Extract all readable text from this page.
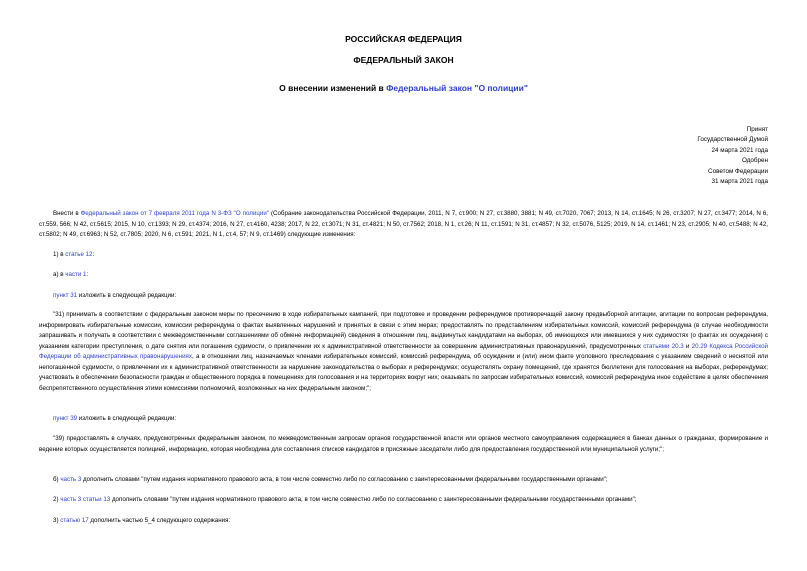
РОССИЙСКАЯ ФЕДЕРАЦИЯ
ФЕДЕРАЛЬНЫЙ ЗАКОН
О внесении изменений в Федеральный закон "О полиции"
Принят
Государственной Думой
24 марта 2021 года
Одобрен
Советом Федерации
31 марта 2021 года
Внести в Федеральный закон от 7 февраля 2011 года N 3-ФЗ "О полиции" (Собрание законодательства Российской Федерации, 2011, N 7, ст.900; N 27, ст.3880, 3881; N 49, ст.7020, 7067; 2013, N 14, ст.1645; N 26, ст.3207; N 27, ст.3477; 2014, N 6, ст.559, 566; N 42, ст.5615; 2015, N 10, ст.1393; N 29, ст.4374; 2016, N 27, ст.4160, 4238; 2017, N 22, ст.3071; N 31, ст.4821; N 50, ст.7562; 2018, N 1, ст.26; N 11, ст.1591; N 31, ст.4857; N 32, ст.5076, 5125; 2019, N 14, ст.1461; N 23, ст.2905; N 40, ст.5488; N 42, ст.5802; N 49, ст.6963; N 52, ст.7805; 2020, N 6, ст.591; 2021, N 1, ст.4, 57; N 9, ст.1469) следующие изменения:
1) в статье 12:
а) в части 1:
пункт 31 изложить в следующей редакции:
"31) принимать в соответствии с федеральным законом меры по пресечению в ходе избирательных кампаний, при подготовке и проведении референдумов противоречащей закону предвыборной агитации, агитации по вопросам референдума, информировать избирательные комиссии, комиссии референдума о фактах выявленных нарушений и принятых в связи с этим мерах; предоставлять по представлениям избирательных комиссий, комиссий референдума (в случае необходимости запрашивать и получать в соответствии с межведомственными соглашениями об обмене информацией) сведения в отношении лиц, выдвинутых кандидатами на выборах, об имеющихся или имевшихся у них судимостях (о фактах их осуждения) с указанием категории преступления, о дате снятия или погашения судимости, о привлечении их к административной ответственности за совершение административных правонарушений, предусмотренных статьями 20.3 и 20.29 Кодекса Российской Федерации об административных правонарушениях, а в отношении лиц, назначаемых членами избирательных комиссий, комиссий референдума, об осуждении и (или) ином факте уголовного преследования с указанием сведений о неснятой или непогашенной судимости, о привлечении их к административной ответственности за нарушение законодательства о выборах и референдумах; осуществлять охрану помещений, где хранятся бюллетени для голосования на выборах, референдумах; участвовать в обеспечении безопасности граждан и общественного порядка в помещениях для голосования и на территориях вокруг них; оказывать по запросам избирательных комиссий, комиссий референдума иное содействие в целях обеспечения беспрепятственного осуществления этими комиссиями полномочий, возложенных на них федеральным законом;";
пункт 39 изложить в следующей редакции:
"39) предоставлять в случаях, предусмотренных федеральным законом, по межведомственным запросам органов государственной власти или органов местного самоуправления содержащиеся в банках данных о гражданах, формирование и ведение которых осуществляется полицией, информацию, которая необходима для составления списков кандидатов в присяжные заседатели либо для предоставления государственной или муниципальной услуги;";
б) часть 3 дополнить словами "путем издания нормативного правового акта, в том числе совместно либо по согласованию с заинтересованными федеральными государственными органами";
2) часть 3 статьи 13 дополнить словами "путем издания нормативного правового акта, в том числе совместно либо по согласованию с заинтересованными федеральными государственными органами";
3) статью 17 дополнить частью 5_4 следующего содержания:
